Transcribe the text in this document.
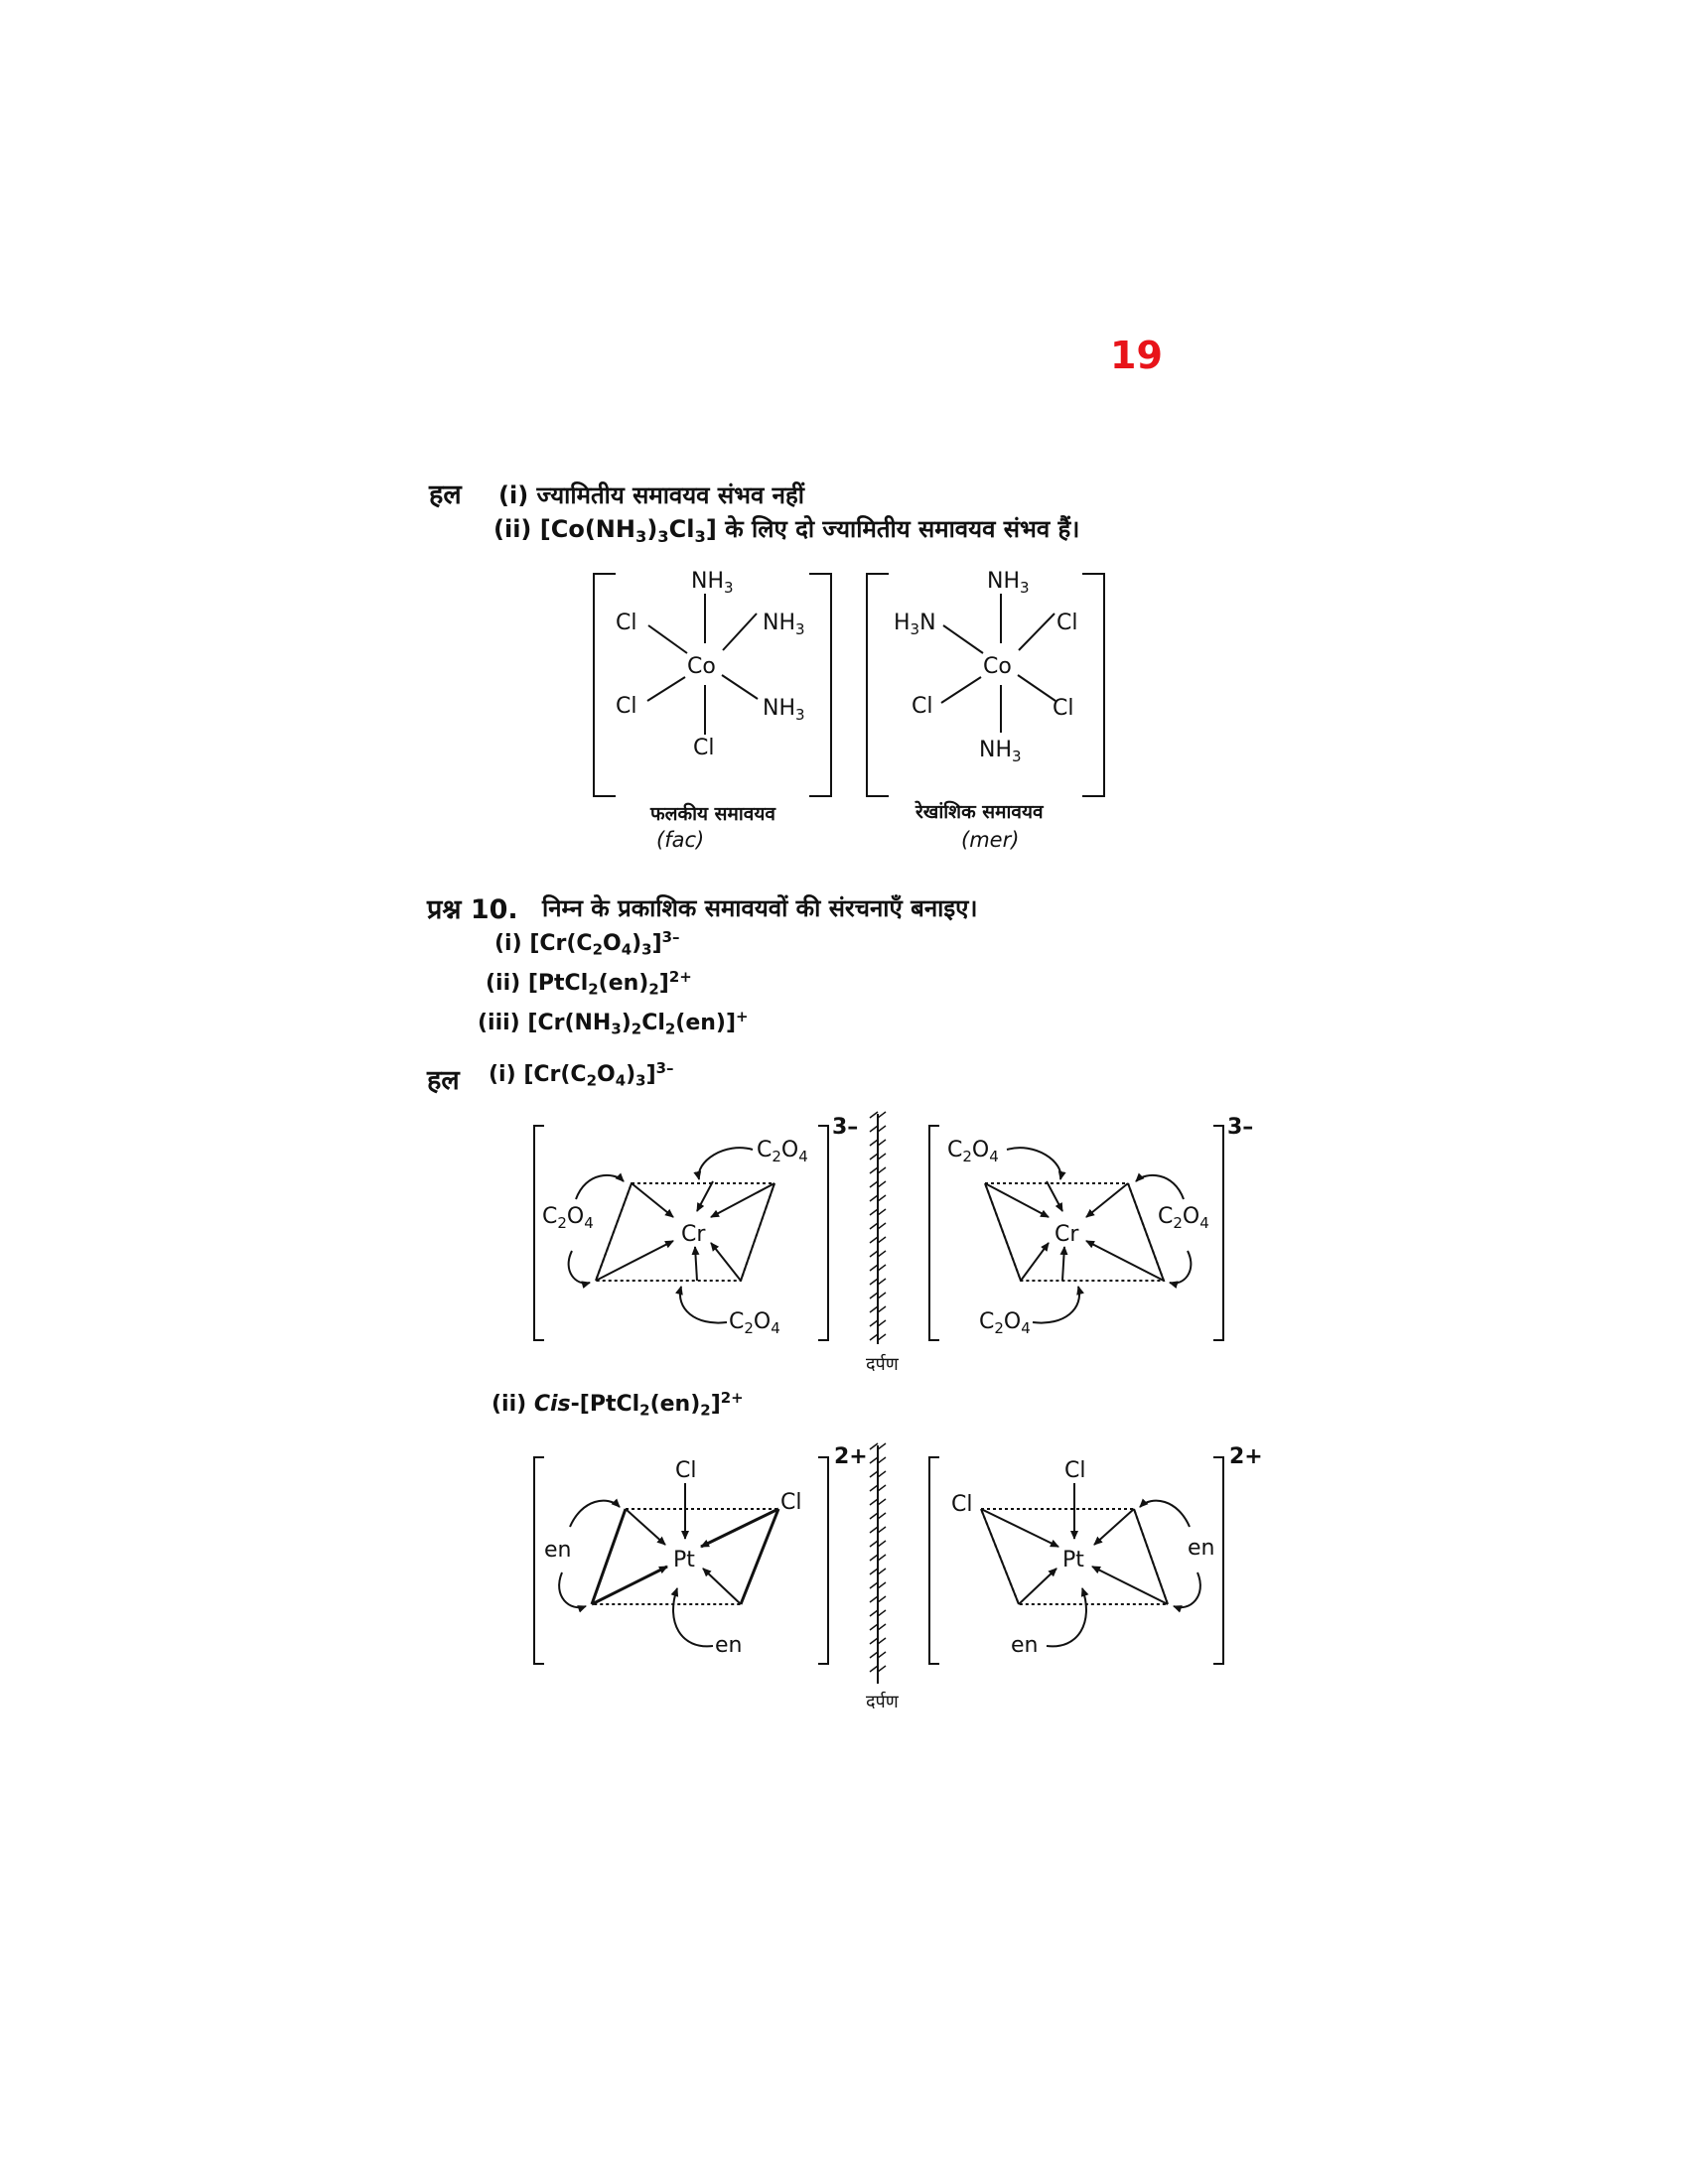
19
हल (i) ज्यामितीय समावयव संभव नहीं
(ii) $[Co(NH_3)_3Cl_3]$ के लिए दो ज्यामितीय समावयव संभव हैं।
फलकीय समावयव
(fac)
रेखांशिक समावयव
(mer)
प्रश्न 10. निम्न के प्रकाशिक समावयवों की संरचनाएँ बनाइए।
(i) $[Cr(C_2O_4)_3]^{3-}$
(ii) $[PtCl_2(en)_2]^{2+}$
(iii) $[Cr(NH_3)_2Cl_2(en)]^+$
हल (i) $[Cr(C_2O_4)_3]^{3-}$
(ii) Cis-$[PtCl_2(en)_2]^{2+}$
दर्पण
दर्पण
Co
$NH_3$
Cl	$NH_3$
Cl	$NH_3$
Cl
Co
$NH_3$
$H_3N$	Cl
Cl	Cl
$NH_3$
Cr
$C_2O_4$
$C_2O_4$
$C_2O_4$
3–
Cr
$C_2O_4$
$C_2O_4$
$C_2O_4$
3–
Pt
Cl
Cl
en
en
2+
Pt
Cl
Cl
en
en
2+
